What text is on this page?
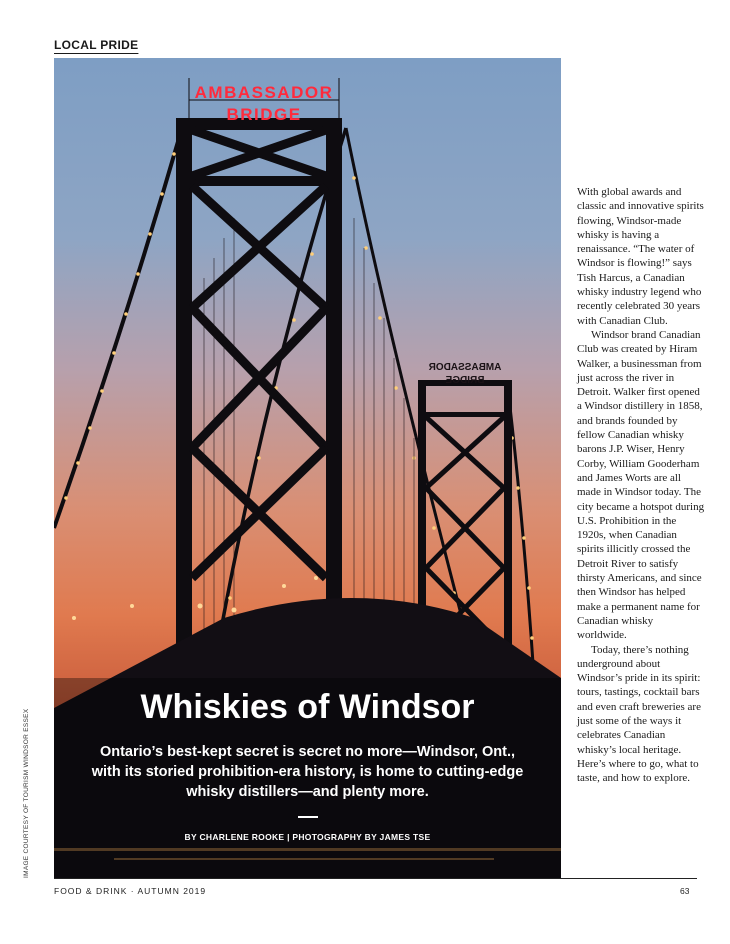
LOCAL PRIDE
AMBASSADOR
BRIDGE
AMBASSADOR
BRIDGE
Whiskies of Windsor

Ontario’s best-kept secret is secret no more—Windsor, Ont., with its storied prohibition-era history, is home to cutting-edge whisky distillers—and plenty more.

BY CHARLENE ROOKE | PHOTOGRAPHY BY JAMES TSE
IMAGE COURTESY OF TOURISM WINDSOR ESSEX

With global awards and classic and innovative spirits flowing, Windsor-made whisky is having a renaissance. “The water of Windsor is flowing!” says Tish Harcus, a Canadian whisky industry legend who recently celebrated 30 years with Canadian Club.

Windsor brand Canadian Club was created by Hiram Walker, a businessman from just across the river in Detroit. Walker first opened a Windsor distillery in 1858, and brands founded by fellow Canadian whisky barons J.P. Wiser, Henry Corby, William Gooderham and James Worts are all made in Windsor today. The city became a hotspot during U.S. Prohibition in the 1920s, when Canadian spirits illicitly crossed the Detroit River to satisfy thirsty Americans, and since then Windsor has helped make a permanent name for Canadian whisky worldwide.

Today, there’s nothing underground about Windsor’s pride in its spirit: tours, tastings, cocktail bars and even craft breweries are just some of the ways it celebrates Canadian whisky’s local heritage. Here’s where to go, what to taste, and how to explore.

FOOD & DRINK · AUTUMN 2019	63
